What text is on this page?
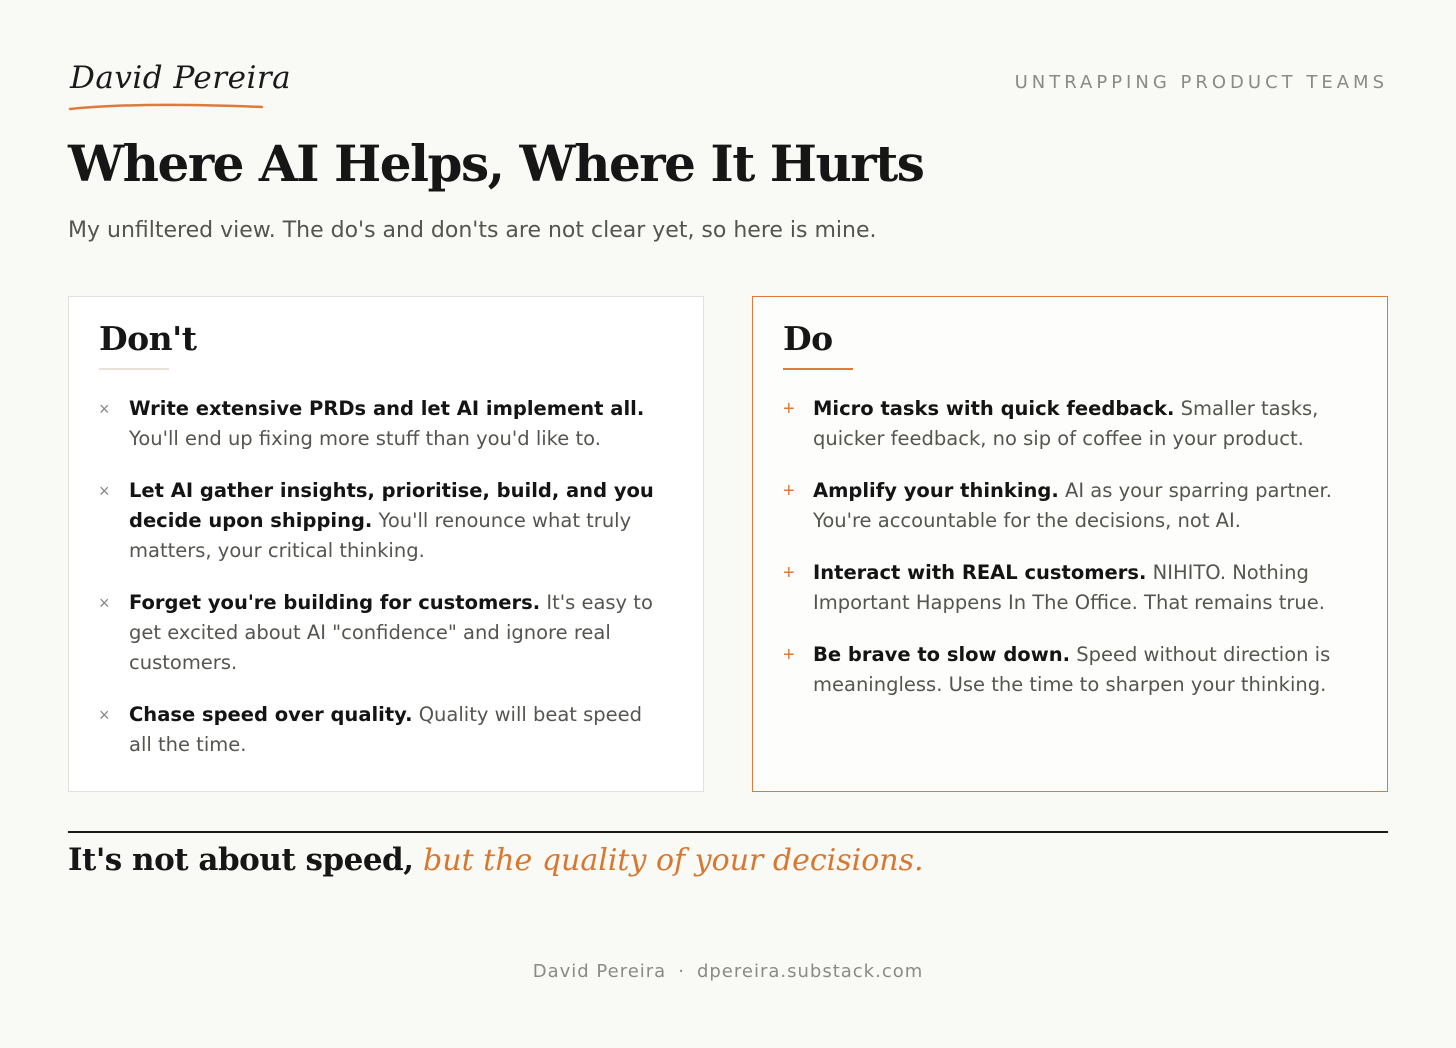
David Pereira	UNTRAPPING PRODUCT TEAMS
Where AI Helps, Where It Hurts

My unfiltered view. The do's and don'ts are not clear yet, so here is mine.

Don't
× Write extensive PRDs and let AI implement all. You'll end up fixing more stuff than you'd like to.
× Let AI gather insights, prioritise, build, and you decide upon shipping. You'll renounce what truly matters, your critical thinking.
× Forget you're building for customers. It's easy to get excited about AI "confidence" and ignore real customers.
× Chase speed over quality. Quality will beat speed all the time.
Do
+ Micro tasks with quick feedback. Smaller tasks, quicker feedback, no sip of coffee in your product.
+ Amplify your thinking. AI as your sparring partner. You're accountable for the decisions, not AI.
+ Interact with REAL customers. NIHITO. Nothing Important Happens In The Office. That remains true.
+ Be brave to slow down. Speed without direction is meaningless. Use the time to sharpen your thinking.
It's not about speed, but the quality of your decisions.
David Pereira · dpereira.substack.com
